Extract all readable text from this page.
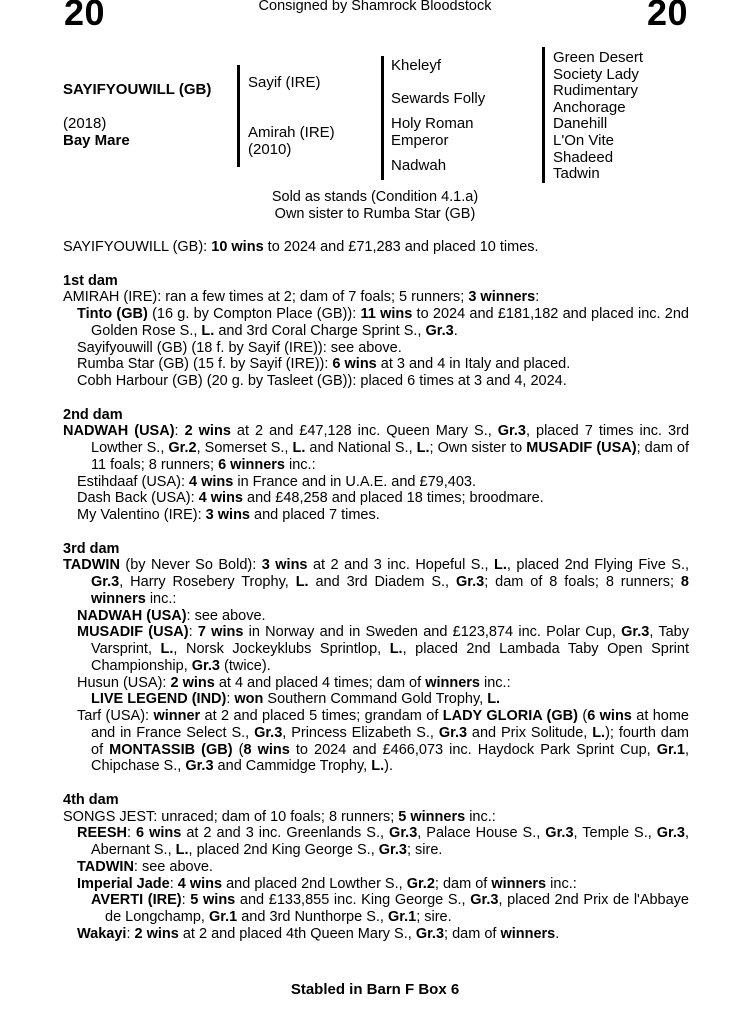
20	Consigned by Shamrock Bloodstock	20
SAYIFYOUWILL (GB)
(2018)
Bay Mare
Sayif (IRE)
Amirah (IRE)
(2010)
Kheleyf
Sewards Folly
Holy Roman
Emperor
Nadwah
Green Desert
Society Lady
Rudimentary
Anchorage
Danehill
L'On Vite
Shadeed
Tadwin
Sold as stands (Condition 4.1.a)
Own sister to Rumba Star (GB)
SAYIFYOUWILL (GB): 10 wins to 2024 and £71,283 and placed 10 times.
1st dam
AMIRAH (IRE): ran a few times at 2; dam of 7 foals; 5 runners; 3 winners:
Tinto (GB) (16 g. by Compton Place (GB)): 11 wins to 2024 and £181,182 and placed inc. 2nd Golden Rose S., L. and 3rd Coral Charge Sprint S., Gr.3.
Sayifyouwill (GB) (18 f. by Sayif (IRE)): see above.
Rumba Star (GB) (15 f. by Sayif (IRE)): 6 wins at 3 and 4 in Italy and placed.
Cobh Harbour (GB) (20 g. by Tasleet (GB)): placed 6 times at 3 and 4, 2024.
2nd dam
NADWAH (USA): 2 wins at 2 and £47,128 inc. Queen Mary S., Gr.3, placed 7 times inc. 3rd Lowther S., Gr.2, Somerset S., L. and National S., L.; Own sister to MUSADIF (USA); dam of 11 foals; 8 runners; 6 winners inc.:
Estihdaaf (USA): 4 wins in France and in U.A.E. and £79,403.
Dash Back (USA): 4 wins and £48,258 and placed 18 times; broodmare.
My Valentino (IRE): 3 wins and placed 7 times.
3rd dam
TADWIN (by Never So Bold): 3 wins at 2 and 3 inc. Hopeful S., L., placed 2nd Flying Five S., Gr.3, Harry Rosebery Trophy, L. and 3rd Diadem S., Gr.3; dam of 8 foals; 8 runners; 8 winners inc.:
NADWAH (USA): see above.
MUSADIF (USA): 7 wins in Norway and in Sweden and £123,874 inc. Polar Cup, Gr.3, Taby Varsprint, L., Norsk Jockeyklubs Sprintlop, L., placed 2nd Lambada Taby Open Sprint Championship, Gr.3 (twice).
Husun (USA): 2 wins at 4 and placed 4 times; dam of winners inc.:
LIVE LEGEND (IND): won Southern Command Gold Trophy, L.
Tarf (USA): winner at 2 and placed 5 times; grandam of LADY GLORIA (GB) (6 wins at home and in France Select S., Gr.3, Princess Elizabeth S., Gr.3 and Prix Solitude, L.); fourth dam of MONTASSIB (GB) (8 wins to 2024 and £466,073 inc. Haydock Park Sprint Cup, Gr.1, Chipchase S., Gr.3 and Cammidge Trophy, L.).
4th dam
SONGS JEST: unraced; dam of 10 foals; 8 runners; 5 winners inc.:
REESH: 6 wins at 2 and 3 inc. Greenlands S., Gr.3, Palace House S., Gr.3, Temple S., Gr.3, Abernant S., L., placed 2nd King George S., Gr.3; sire.
TADWIN: see above.
Imperial Jade: 4 wins and placed 2nd Lowther S., Gr.2; dam of winners inc.:
AVERTI (IRE): 5 wins and £133,855 inc. King George S., Gr.3, placed 2nd Prix de l'Abbaye de Longchamp, Gr.1 and 3rd Nunthorpe S., Gr.1; sire.
Wakayi: 2 wins at 2 and placed 4th Queen Mary S., Gr.3; dam of winners.
Stabled in Barn F Box 6
